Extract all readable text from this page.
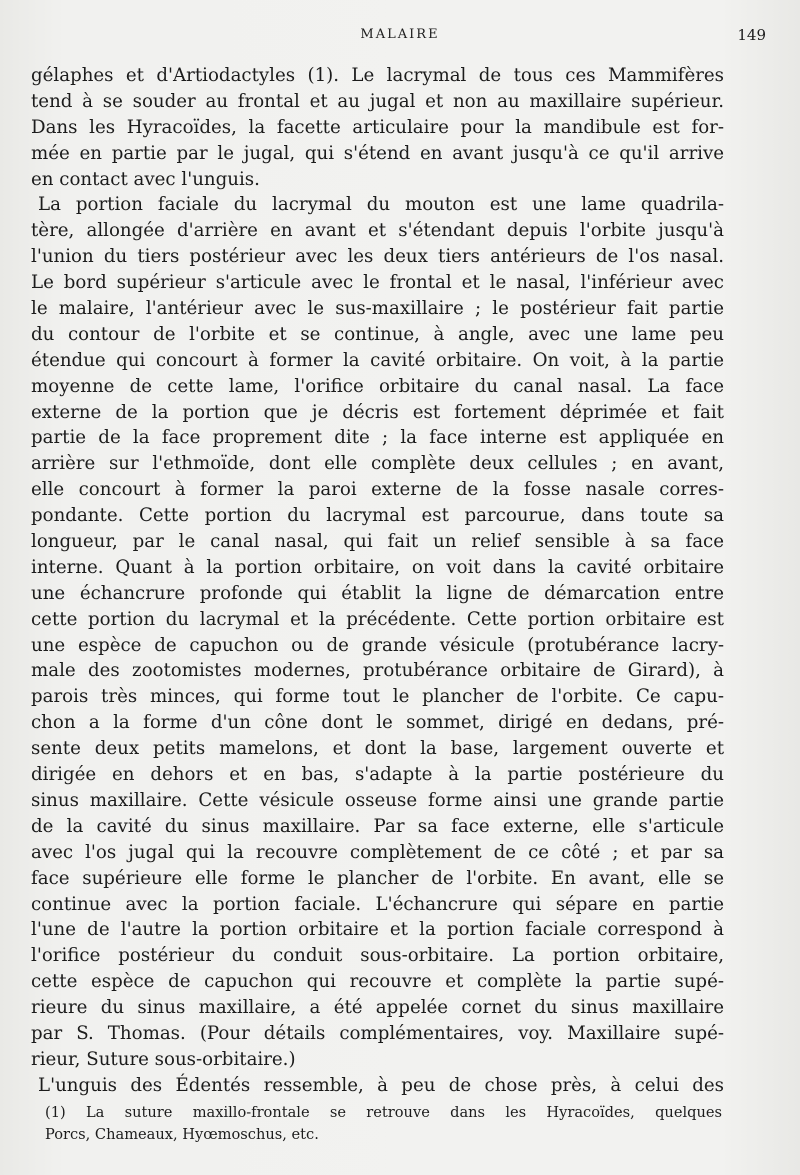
MALAIRE	149
gélaphes et d'Artiodactyles (1). Le lacrymal de tous ces Mammifères
tend à se souder au frontal et au jugal et non au maxillaire supérieur.
Dans les Hyracoïdes, la facette articulaire pour la mandibule est for-
mée en partie par le jugal, qui s'étend en avant jusqu'à ce qu'il arrive
en contact avec l'unguis.
La portion faciale du lacrymal du mouton est une lame quadrila-
tère, allongée d'arrière en avant et s'étendant depuis l'orbite jusqu'à
l'union du tiers postérieur avec les deux tiers antérieurs de l'os nasal.
Le bord supérieur s'articule avec le frontal et le nasal, l'inférieur avec
le malaire, l'antérieur avec le sus-maxillaire ; le postérieur fait partie
du contour de l'orbite et se continue, à angle, avec une lame peu
étendue qui concourt à former la cavité orbitaire. On voit, à la partie
moyenne de cette lame, l'orifice orbitaire du canal nasal. La face
externe de la portion que je décris est fortement déprimée et fait
partie de la face proprement dite ; la face interne est appliquée en
arrière sur l'ethmoïde, dont elle complète deux cellules ; en avant,
elle concourt à former la paroi externe de la fosse nasale corres-
pondante. Cette portion du lacrymal est parcourue, dans toute sa
longueur, par le canal nasal, qui fait un relief sensible à sa face
interne. Quant à la portion orbitaire, on voit dans la cavité orbitaire
une échancrure profonde qui établit la ligne de démarcation entre
cette portion du lacrymal et la précédente. Cette portion orbitaire est
une espèce de capuchon ou de grande vésicule (protubérance lacry-
male des zootomistes modernes, protubérance orbitaire de Girard), à
parois très minces, qui forme tout le plancher de l'orbite. Ce capu-
chon a la forme d'un cône dont le sommet, dirigé en dedans, pré-
sente deux petits mamelons, et dont la base, largement ouverte et
dirigée en dehors et en bas, s'adapte à la partie postérieure du
sinus maxillaire. Cette vésicule osseuse forme ainsi une grande partie
de la cavité du sinus maxillaire. Par sa face externe, elle s'articule
avec l'os jugal qui la recouvre complètement de ce côté ; et par sa
face supérieure elle forme le plancher de l'orbite. En avant, elle se
continue avec la portion faciale. L'échancrure qui sépare en partie
l'une de l'autre la portion orbitaire et la portion faciale correspond à
l'orifice postérieur du conduit sous-orbitaire. La portion orbitaire,
cette espèce de capuchon qui recouvre et complète la partie supé-
rieure du sinus maxillaire, a été appelée cornet du sinus maxillaire
par S. Thomas. (Pour détails complémentaires, voy. Maxillaire supé-
rieur, Suture sous-orbitaire.)
L'unguis des Édentés ressemble, à peu de chose près, à celui des
(1) La suture maxillo-frontale se retrouve dans les Hyracoïdes, quelques
Porcs, Chameaux, Hyœmoschus, etc.
